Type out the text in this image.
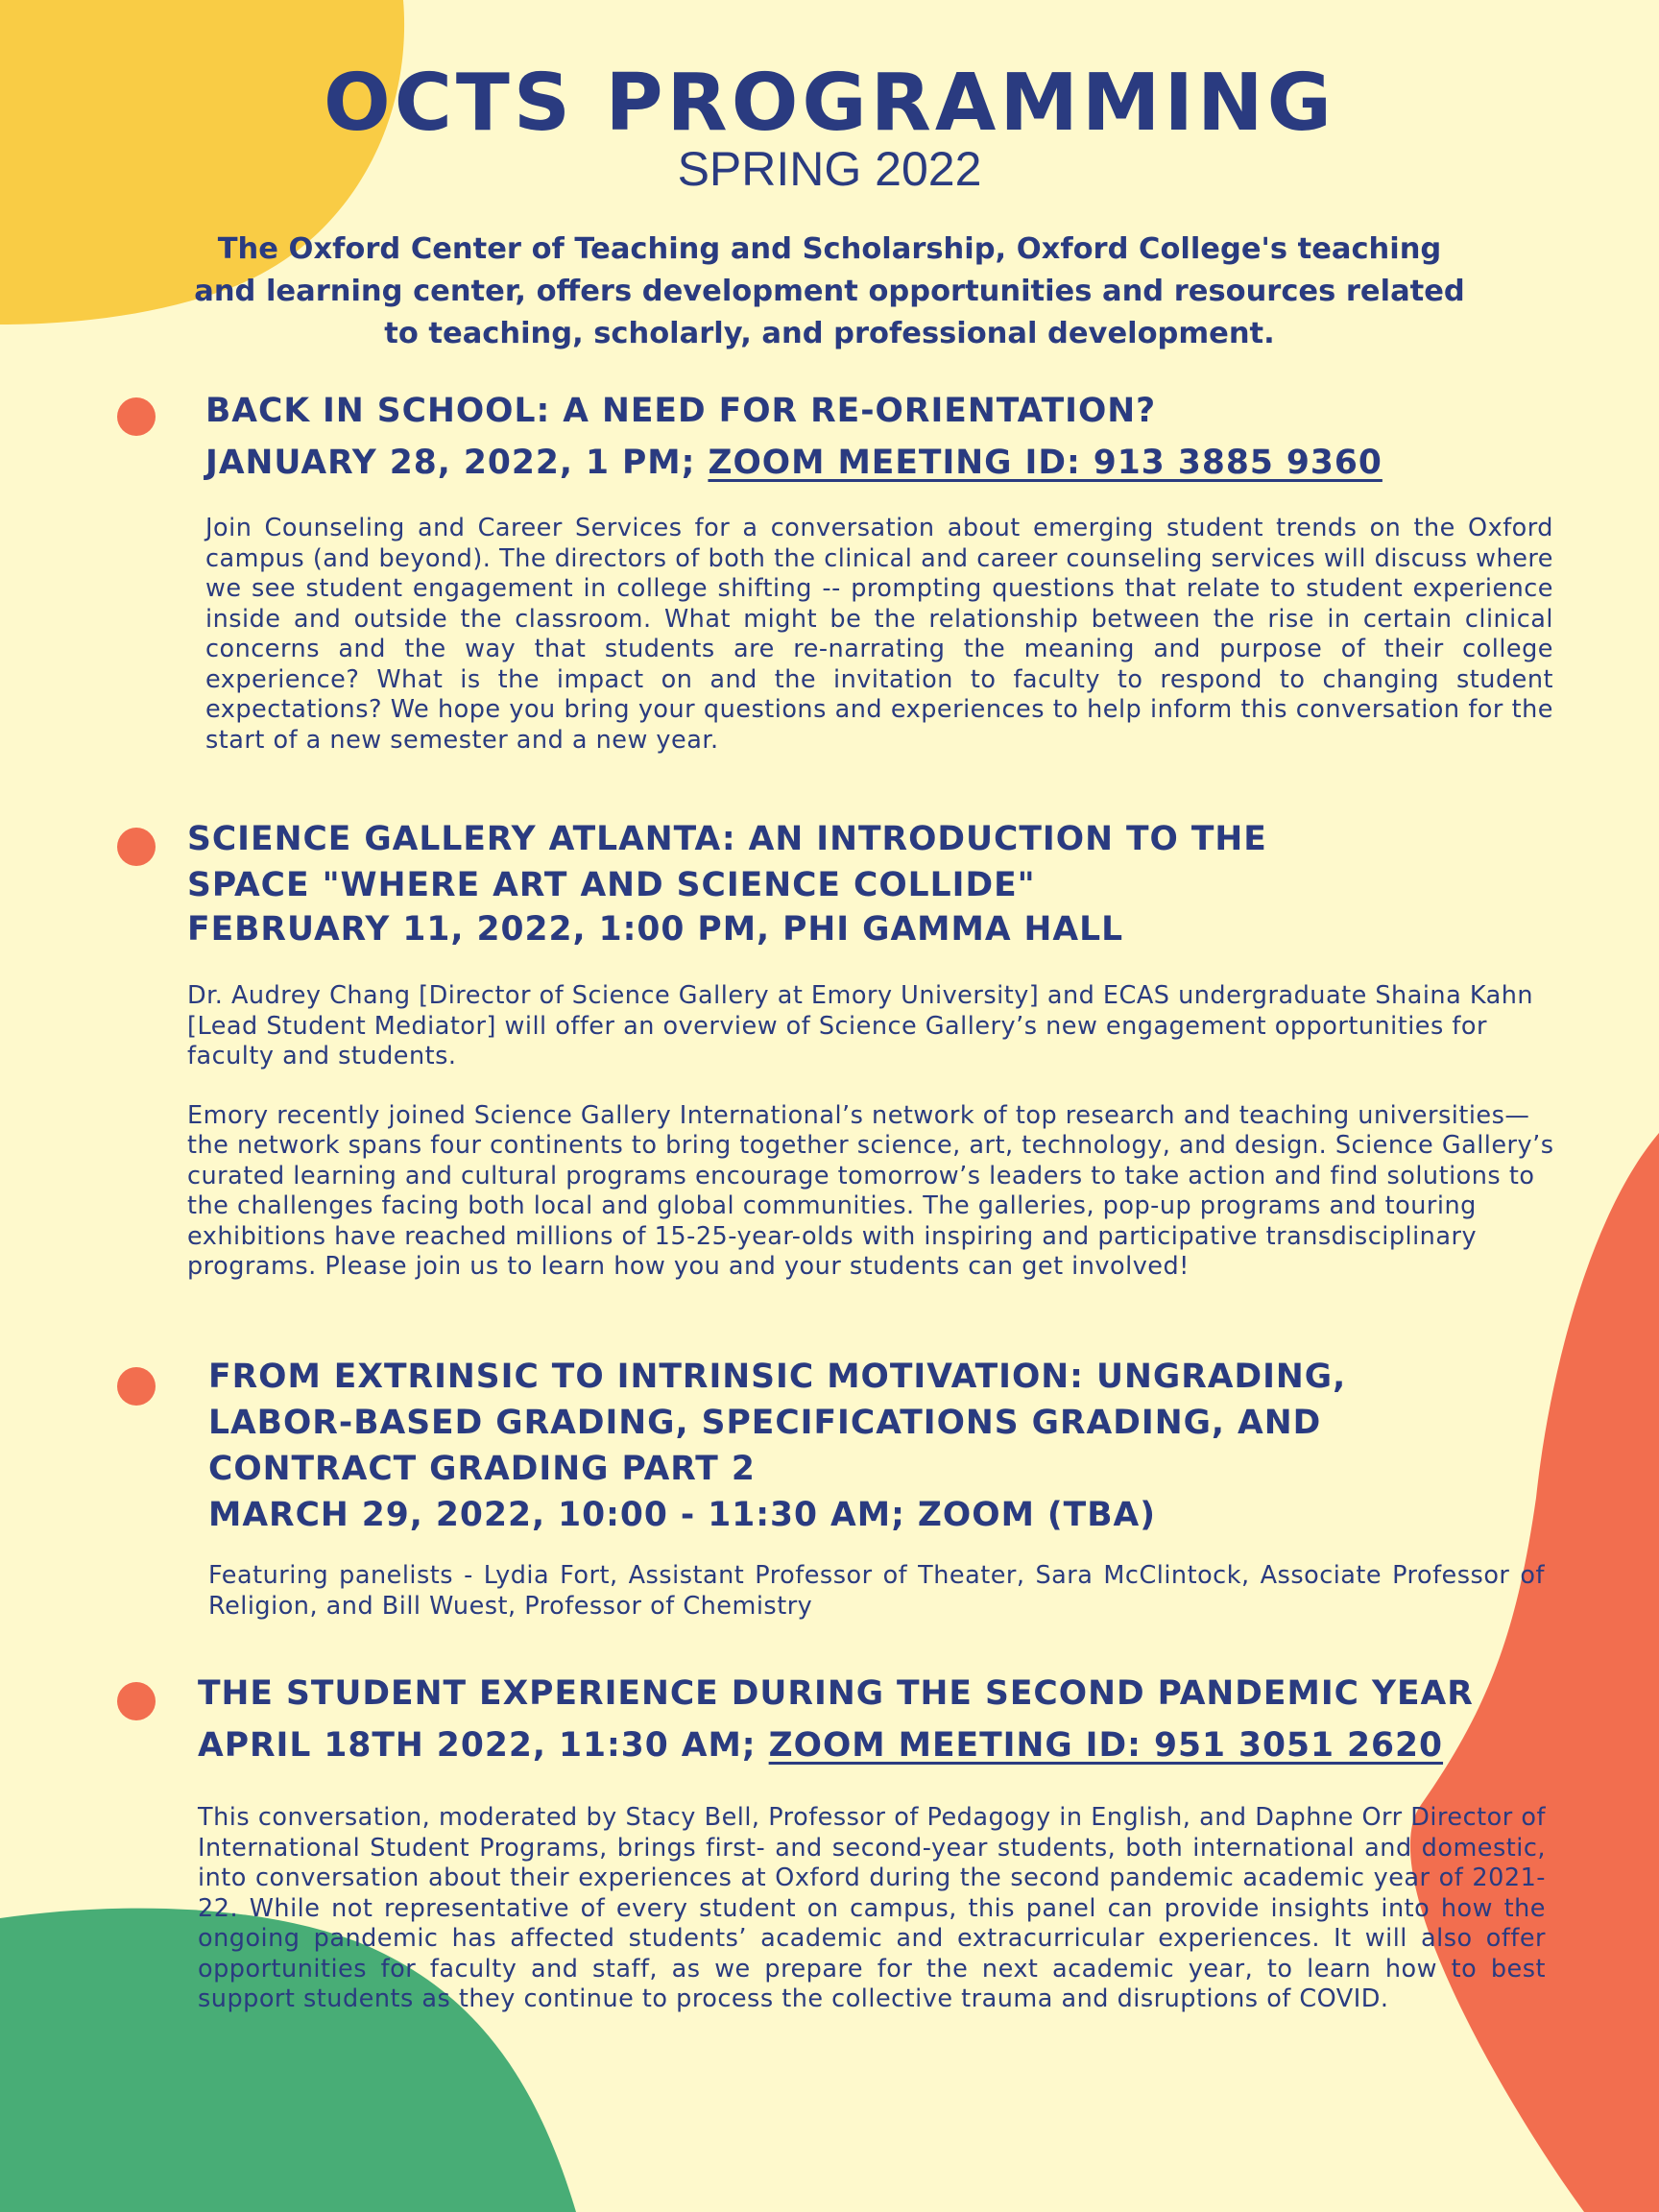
OCTS PROGRAMMING
SPRING 2022
The Oxford Center of Teaching and Scholarship, Oxford College's teaching
and learning center, offers development opportunities and resources related
to teaching, scholarly, and professional development.
BACK IN SCHOOL: A NEED FOR RE-ORIENTATION?
JANUARY 28, 2022, 1 PM; ZOOM MEETING ID: 913 3885 9360

Join Counseling and Career Services for a conversation about emerging student trends on the Oxford campus (and beyond). The directors of both the clinical and career counseling services will discuss where we see student engagement in college shifting -- prompting questions that relate to student experience inside and outside the classroom. What might be the relationship between the rise in certain clinical concerns and the way that students are re-narrating the meaning and purpose of their college experience? What is the impact on and the invitation to faculty to respond to changing student expectations? We hope you bring your questions and experiences to help inform this conversation for the start of a new semester and a new year.

SCIENCE GALLERY ATLANTA: AN INTRODUCTION TO THE
SPACE "WHERE ART AND SCIENCE COLLIDE"
FEBRUARY 11, 2022, 1:00 PM, PHI GAMMA HALL

Dr. Audrey Chang [Director of Science Gallery at Emory University] and ECAS undergraduate Shaina Kahn [Lead Student Mediator] will offer an overview of Science Gallery’s new engagement opportunities for faculty and students.

Emory recently joined Science Gallery International’s network of top research and teaching universities— the network spans four continents to bring together science, art, technology, and design. Science Gallery’s curated learning and cultural programs encourage tomorrow’s leaders to take action and find solutions to the challenges facing both local and global communities. The galleries, pop-up programs and touring exhibitions have reached millions of 15-25-year-olds with inspiring and participative transdisciplinary programs. Please join us to learn how you and your students can get involved!

FROM EXTRINSIC TO INTRINSIC MOTIVATION: UNGRADING,
LABOR-BASED GRADING, SPECIFICATIONS GRADING, AND
CONTRACT GRADING PART 2
MARCH 29, 2022, 10:00 - 11:30 AM; ZOOM (TBA)

Featuring panelists - Lydia Fort, Assistant Professor of Theater, Sara McClintock, Associate Professor of Religion, and Bill Wuest, Professor of Chemistry

THE STUDENT EXPERIENCE DURING THE SECOND PANDEMIC YEAR
APRIL 18TH 2022, 11:30 AM; ZOOM MEETING ID: 951 3051 2620

This conversation, moderated by Stacy Bell, Professor of Pedagogy in English, and Daphne Orr Director of International Student Programs, brings first- and second-year students, both international and domestic, into conversation about their experiences at Oxford during the second pandemic academic year of 2021-22. While not representative of every student on campus, this panel can provide insights into how the ongoing pandemic has affected students’ academic and extracurricular experiences. It will also offer opportunities for faculty and staff, as we prepare for the next academic year, to learn how to best support students as they continue to process the collective trauma and disruptions of COVID.
